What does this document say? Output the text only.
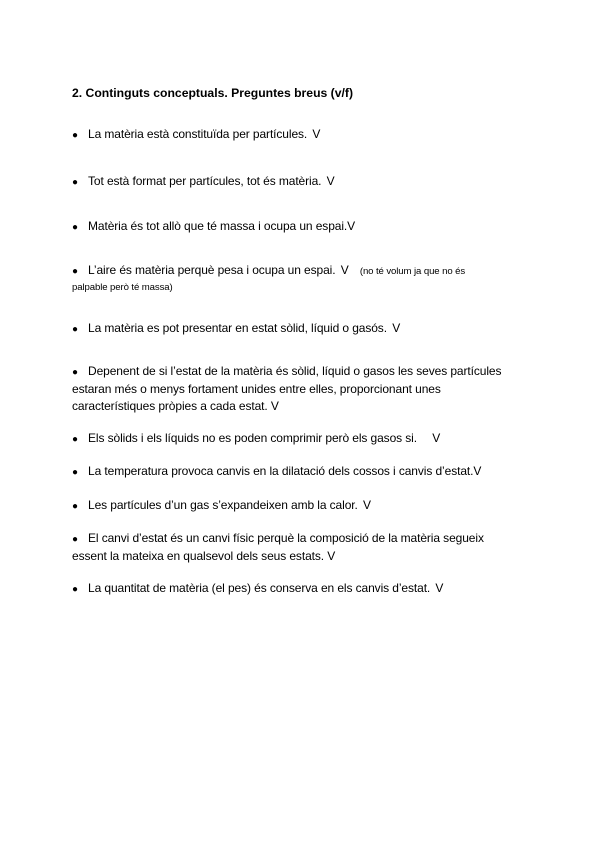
2. Continguts conceptuals. Preguntes breus (v/f)
● La matèria està constituïda per partícules. V
● Tot està format per partícules, tot és matèria. V
● Matèria és tot allò que té massa i ocupa un espai.V
● L’aire és matèria perquè pesa i ocupa un espai. V (no té volum ja que no és
palpable però té massa)
● La matèria es pot presentar en estat sòlid, líquid o gasós. V
● Depenent de si l’estat de la matèria és sòlid, líquid o gasos les seves partícules estaran més o menys fortament unides entre elles, proporcionant unes característiques pròpies a cada estat. V
● Els sòlids i els líquids no es poden comprimir però els gasos si. V
● La temperatura provoca canvis en la dilatació dels cossos i canvis d’estat.V
● Les partícules d’un gas s’expandeixen amb la calor. V
● El canvi d’estat és un canvi físic perquè la composició de la matèria segueix essent la mateixa en qualsevol dels seus estats. V
● La quantitat de matèria (el pes) és conserva en els canvis d’estat. V
